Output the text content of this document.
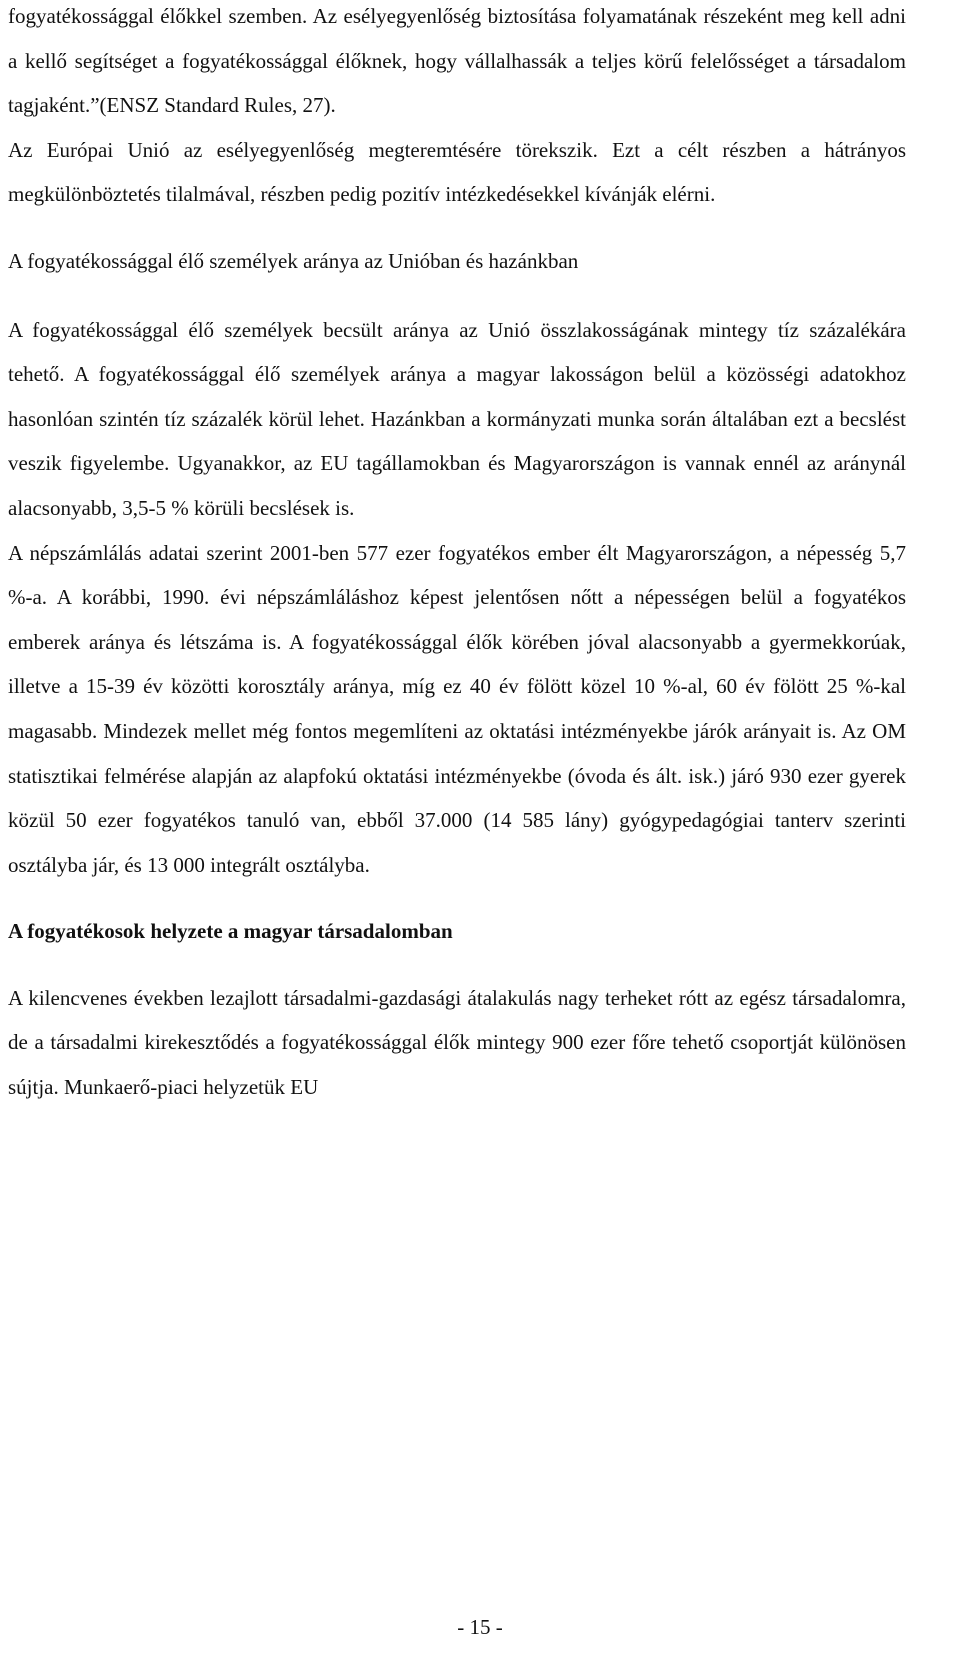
fogyatékossággal élőkkel szemben. Az esélyegyenlőség biztosítása folyamatának részeként meg kell adni a kellő segítséget a fogyatékossággal élőknek, hogy vállalhassák a teljes körű felelősséget a társadalom tagjaként.”(ENSZ Standard Rules, 27).

Az Európai Unió az esélyegyenlőség megteremtésére törekszik. Ezt a célt részben a hátrányos megkülönböztetés tilalmával, részben pedig pozitív intézkedésekkel kívánják elérni.

A fogyatékossággal élő személyek aránya az Unióban és hazánkban

A fogyatékossággal élő személyek becsült aránya az Unió összlakosságának mintegy tíz százalékára tehető. A fogyatékossággal élő személyek aránya a magyar lakosságon belül a közösségi adatokhoz hasonlóan szintén tíz százalék körül lehet. Hazánkban a kormányzati munka során általában ezt a becslést veszik figyelembe. Ugyanakkor, az EU tagállamokban és Magyarországon is vannak ennél az aránynál alacsonyabb, 3,5-5 % körüli becslések is.

A népszámlálás adatai szerint 2001-ben 577 ezer fogyatékos ember élt Magyarországon, a népesség 5,7 %-a. A korábbi, 1990. évi népszámláláshoz képest jelentősen nőtt a népességen belül a fogyatékos emberek aránya és létszáma is. A fogyatékossággal élők körében jóval alacsonyabb a gyermekkorúak, illetve a 15-39 év közötti korosztály aránya, míg ez 40 év fölött közel 10 %-al, 60 év fölött 25 %-kal magasabb. Mindezek mellet még fontos megemlíteni az oktatási intézményekbe járók arányait is. Az OM statisztikai felmérése alapján az alapfokú oktatási intézményekbe (óvoda és ált. isk.) járó 930 ezer gyerek közül 50 ezer fogyatékos tanuló van, ebből 37.000 (14 585 lány) gyógypedagógiai tanterv szerinti osztályba jár, és 13 000 integrált osztályba.

A fogyatékosok helyzete a magyar társadalomban

A kilencvenes években lezajlott társadalmi-gazdasági átalakulás nagy terheket rótt az egész társadalomra, de a társadalmi kirekesztődés a fogyatékossággal élők mintegy 900 ezer főre tehető csoportját különösen sújtja. Munkaerő-piaci helyzetük EU

- 15 -
